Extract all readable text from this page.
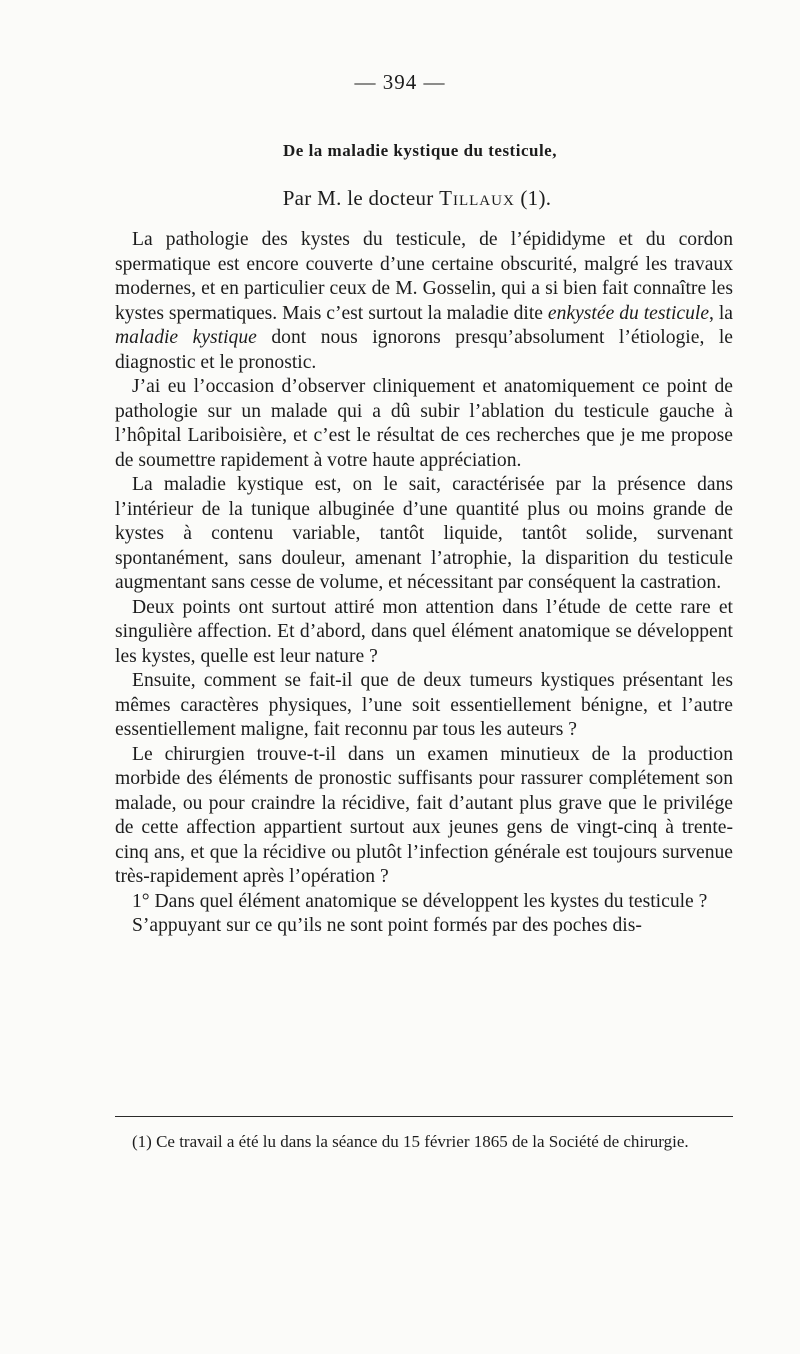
— 394 —
De la maladie kystique du testicule,
Par M. le docteur Tillaux (1).

La pathologie des kystes du testicule, de l’épididyme et du cordon spermatique est encore couverte d’une certaine obscurité, malgré les travaux modernes, et en particulier ceux de M. Gosselin, qui a si bien fait connaître les kystes spermatiques. Mais c’est surtout la maladie dite enkystée du testicule, la maladie kystique dont nous ignorons presqu’absolument l’étiologie, le diagnostic et le pronostic.

J’ai eu l’occasion d’observer cliniquement et anatomiquement ce point de pathologie sur un malade qui a dû subir l’ablation du testicule gauche à l’hôpital Lariboisière, et c’est le résultat de ces recherches que je me propose de soumettre rapidement à votre haute appréciation.

La maladie kystique est, on le sait, caractérisée par la présence dans l’intérieur de la tunique albuginée d’une quantité plus ou moins grande de kystes à contenu variable, tantôt liquide, tantôt solide, survenant spontanément, sans douleur, amenant l’atrophie, la disparition du testicule augmentant sans cesse de volume, et nécessitant par conséquent la castration.

Deux points ont surtout attiré mon attention dans l’étude de cette rare et singulière affection. Et d’abord, dans quel élément anatomique se développent les kystes, quelle est leur nature ?

Ensuite, comment se fait-il que de deux tumeurs kystiques présentant les mêmes caractères physiques, l’une soit essentiellement bénigne, et l’autre essentiellement maligne, fait reconnu par tous les auteurs ?

Le chirurgien trouve-t-il dans un examen minutieux de la production morbide des éléments de pronostic suffisants pour rassurer complétement son malade, ou pour craindre la récidive, fait d’autant plus grave que le privilége de cette affection appartient surtout aux jeunes gens de vingt-cinq à trente-cinq ans, et que la récidive ou plutôt l’infection générale est toujours survenue très-rapidement après l’opération ?

1° Dans quel élément anatomique se développent les kystes du testicule ?

S’appuyant sur ce qu’ils ne sont point formés par des poches dis-

(1) Ce travail a été lu dans la séance du 15 février 1865 de la Société de chirurgie.
